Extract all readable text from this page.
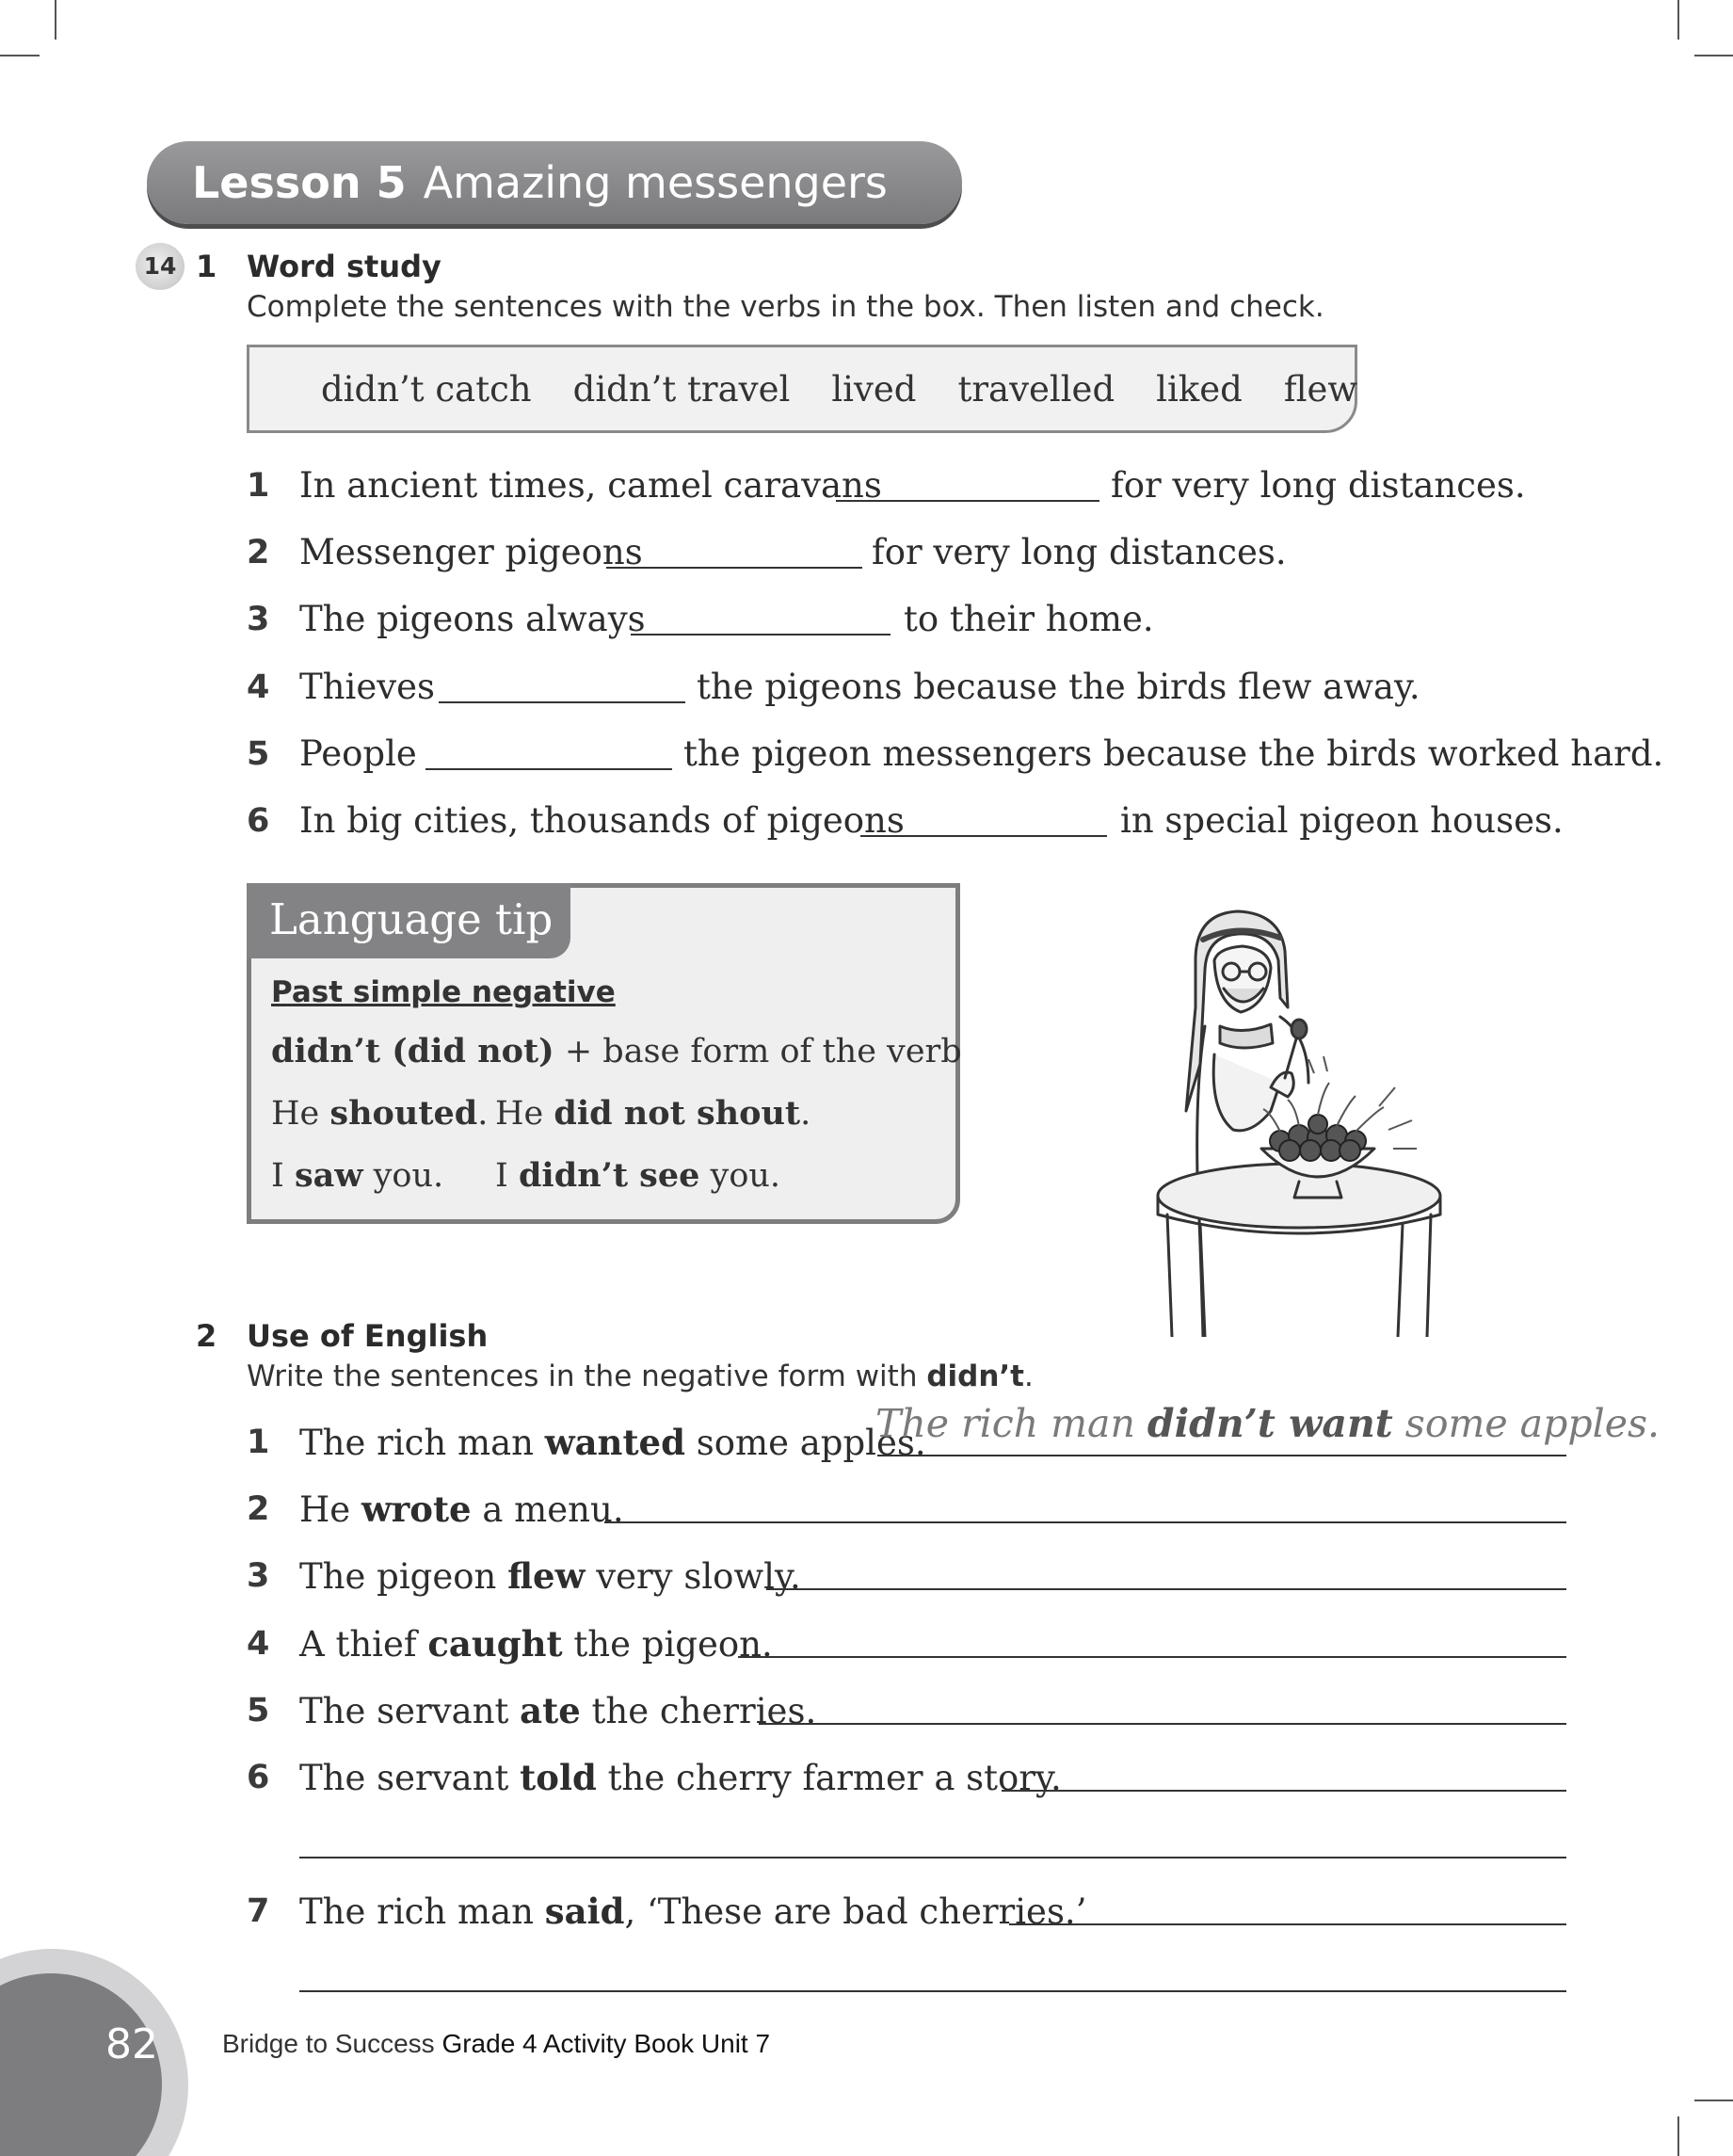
Lesson 5 Amazing messengers
14 1 Word study
Complete the sentences with the verbs in the box. Then listen and check.
didn’t catch didn’t travel lived travelled liked flew
1 In ancient times, camel caravans	for very long distances.
2 Messenger pigeons	for very long distances.
3 The pigeons always	to their home.
4 Thieves	the pigeons because the birds flew away.
5 People	the pigeon messengers because the birds worked hard.
6 In big cities, thousands of pigeons	in special pigeon houses.
Language tip
Past simple negative
didn’t (did not) + base form of the verb
He shouted. He did not shout.
I saw you. I didn’t see you.
2 Use of English
Write the sentences in the negative form with didn’t.
1 The rich man wanted some apples.
The rich man didn’t want some apples.
2 He wrote a menu.
3 The pigeon flew very slowly.
4 A thief caught the pigeon.
5 The servant ate the cherries.
6 The servant told the cherry farmer a story.
7 The rich man said, ‘These are bad cherries.’
82 Bridge to Success Grade 4 Activity Book Unit 7
